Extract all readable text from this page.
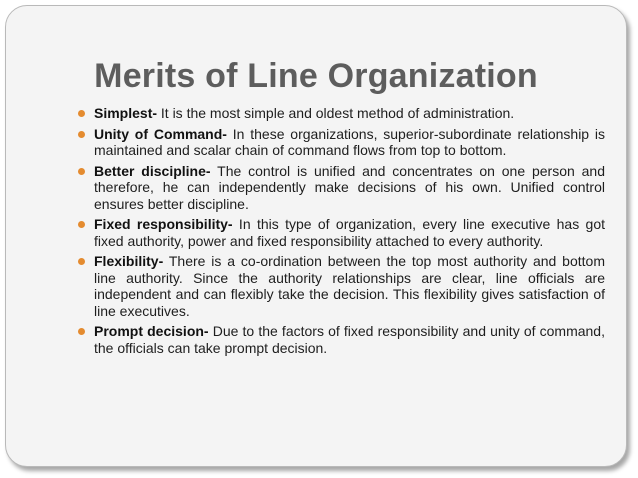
Merits of Line Organization
Simplest- It is the most simple and oldest method of administration.
Unity of Command- In these organizations, superior-subordinate relationship is maintained and scalar chain of command flows from top to bottom.
Better discipline- The control is unified and concentrates on one person and therefore, he can independently make decisions of his own. Unified control ensures better discipline.
Fixed responsibility- In this type of organization, every line executive has got fixed authority, power and fixed responsibility attached to every authority.
Flexibility- There is a co-ordination between the top most authority and bottom line authority. Since the authority relationships are clear, line officials are independent and can flexibly take the decision. This flexibility gives satisfaction of line executives.
Prompt decision- Due to the factors of fixed responsibility and unity of command, the officials can take prompt decision.
